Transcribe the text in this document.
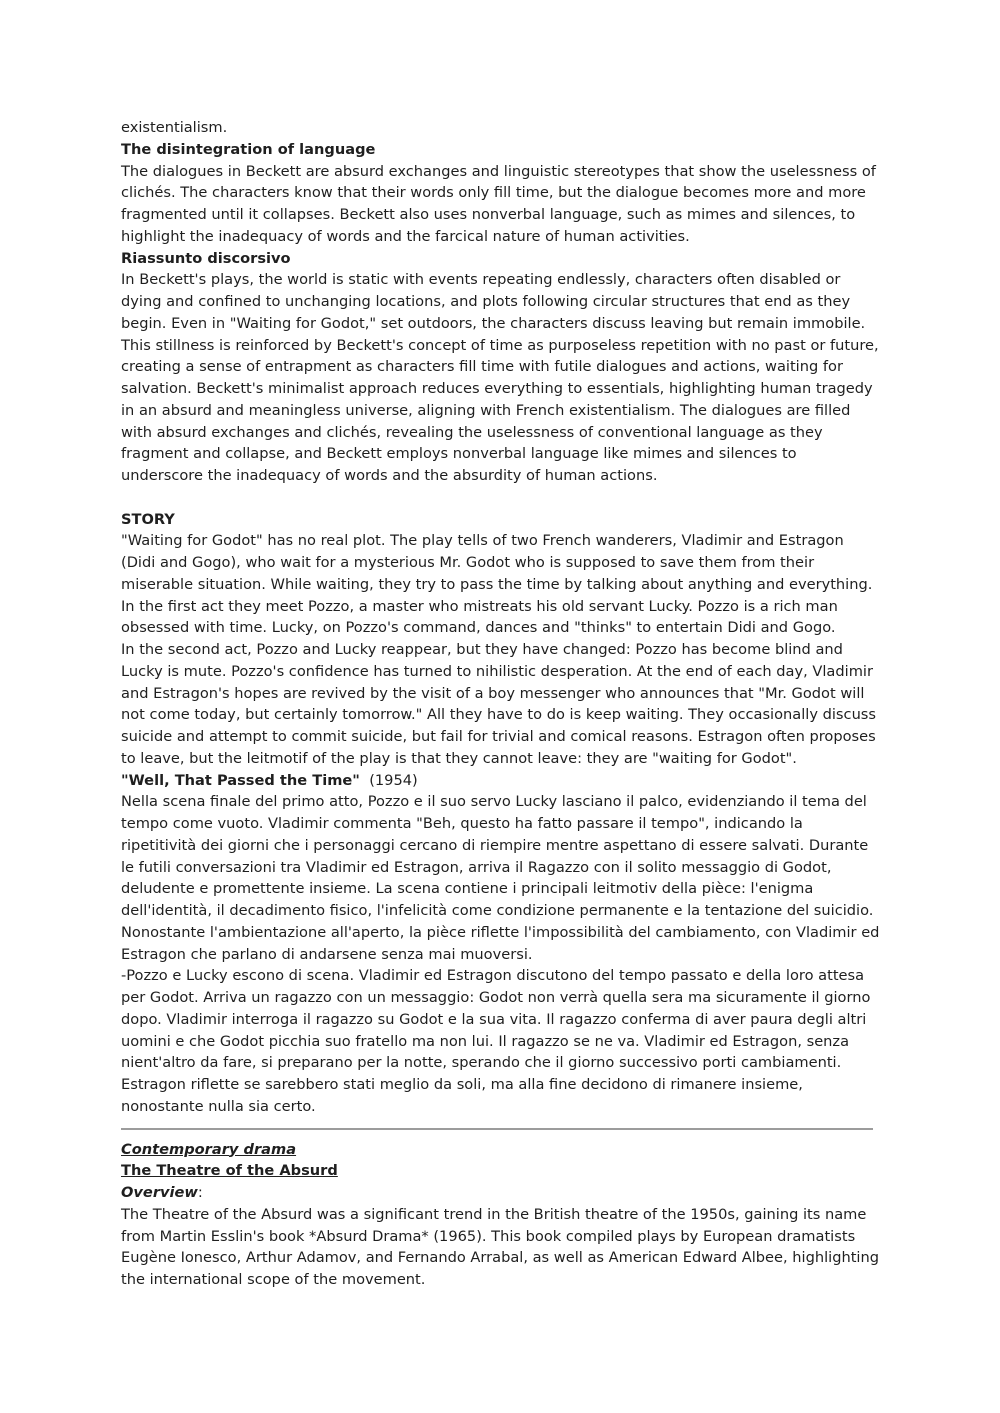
existentialism.

The disintegration of language

The dialogues in Beckett are absurd exchanges and linguistic stereotypes that show the uselessness of clichés. The characters know that their words only fill time, but the dialogue becomes more and more fragmented until it collapses. Beckett also uses nonverbal language, such as mimes and silences, to highlight the inadequacy of words and the farcical nature of human activities.

Riassunto discorsivo

In Beckett's plays, the world is static with events repeating endlessly, characters often disabled or dying and confined to unchanging locations, and plots following circular structures that end as they begin. Even in "Waiting for Godot," set outdoors, the characters discuss leaving but remain immobile. This stillness is reinforced by Beckett's concept of time as purposeless repetition with no past or future, creating a sense of entrapment as characters fill time with futile dialogues and actions, waiting for salvation. Beckett's minimalist approach reduces everything to essentials, highlighting human tragedy in an absurd and meaningless universe, aligning with French existentialism. The dialogues are filled with absurd exchanges and clichés, revealing the uselessness of conventional language as they fragment and collapse, and Beckett employs nonverbal language like mimes and silences to underscore the inadequacy of words and the absurdity of human actions.

STORY

"Waiting for Godot" has no real plot. The play tells of two French wanderers, Vladimir and Estragon (Didi and Gogo), who wait for a mysterious Mr. Godot who is supposed to save them from their miserable situation. While waiting, they try to pass the time by talking about anything and everything. In the first act they meet Pozzo, a master who mistreats his old servant Lucky. Pozzo is a rich man obsessed with time. Lucky, on Pozzo's command, dances and "thinks" to entertain Didi and Gogo.

In the second act, Pozzo and Lucky reappear, but they have changed: Pozzo has become blind and Lucky is mute. Pozzo's confidence has turned to nihilistic desperation. At the end of each day, Vladimir and Estragon's hopes are revived by the visit of a boy messenger who announces that "Mr. Godot will not come today, but certainly tomorrow." All they have to do is keep waiting. They occasionally discuss suicide and attempt to commit suicide, but fail for trivial and comical reasons. Estragon often proposes to leave, but the leitmotif of the play is that they cannot leave: they are "waiting for Godot".

"Well, That Passed the Time" (1954)

Nella scena finale del primo atto, Pozzo e il suo servo Lucky lasciano il palco, evidenziando il tema del tempo come vuoto. Vladimir commenta "Beh, questo ha fatto passare il tempo", indicando la ripetitività dei giorni che i personaggi cercano di riempire mentre aspettano di essere salvati. Durante le futili conversazioni tra Vladimir ed Estragon, arriva il Ragazzo con il solito messaggio di Godot, deludente e promettente insieme. La scena contiene i principali leitmotiv della pièce: l'enigma dell'identità, il decadimento fisico, l'infelicità come condizione permanente e la tentazione del suicidio. Nonostante l'ambientazione all'aperto, la pièce riflette l'impossibilità del cambiamento, con Vladimir ed Estragon che parlano di andarsene senza mai muoversi.

-Pozzo e Lucky escono di scena. Vladimir ed Estragon discutono del tempo passato e della loro attesa per Godot. Arriva un ragazzo con un messaggio: Godot non verrà quella sera ma sicuramente il giorno dopo. Vladimir interroga il ragazzo su Godot e la sua vita. Il ragazzo conferma di aver paura degli altri uomini e che Godot picchia suo fratello ma non lui. Il ragazzo se ne va. Vladimir ed Estragon, senza nient'altro da fare, si preparano per la notte, sperando che il giorno successivo porti cambiamenti. Estragon riflette se sarebbero stati meglio da soli, ma alla fine decidono di rimanere insieme, nonostante nulla sia certo.

Contemporary drama

The Theatre of the Absurd

Overview:

The Theatre of the Absurd was a significant trend in the British theatre of the 1950s, gaining its name from Martin Esslin's book *Absurd Drama* (1965). This book compiled plays by European dramatists Eugène Ionesco, Arthur Adamov, and Fernando Arrabal, as well as American Edward Albee, highlighting the international scope of the movement.
